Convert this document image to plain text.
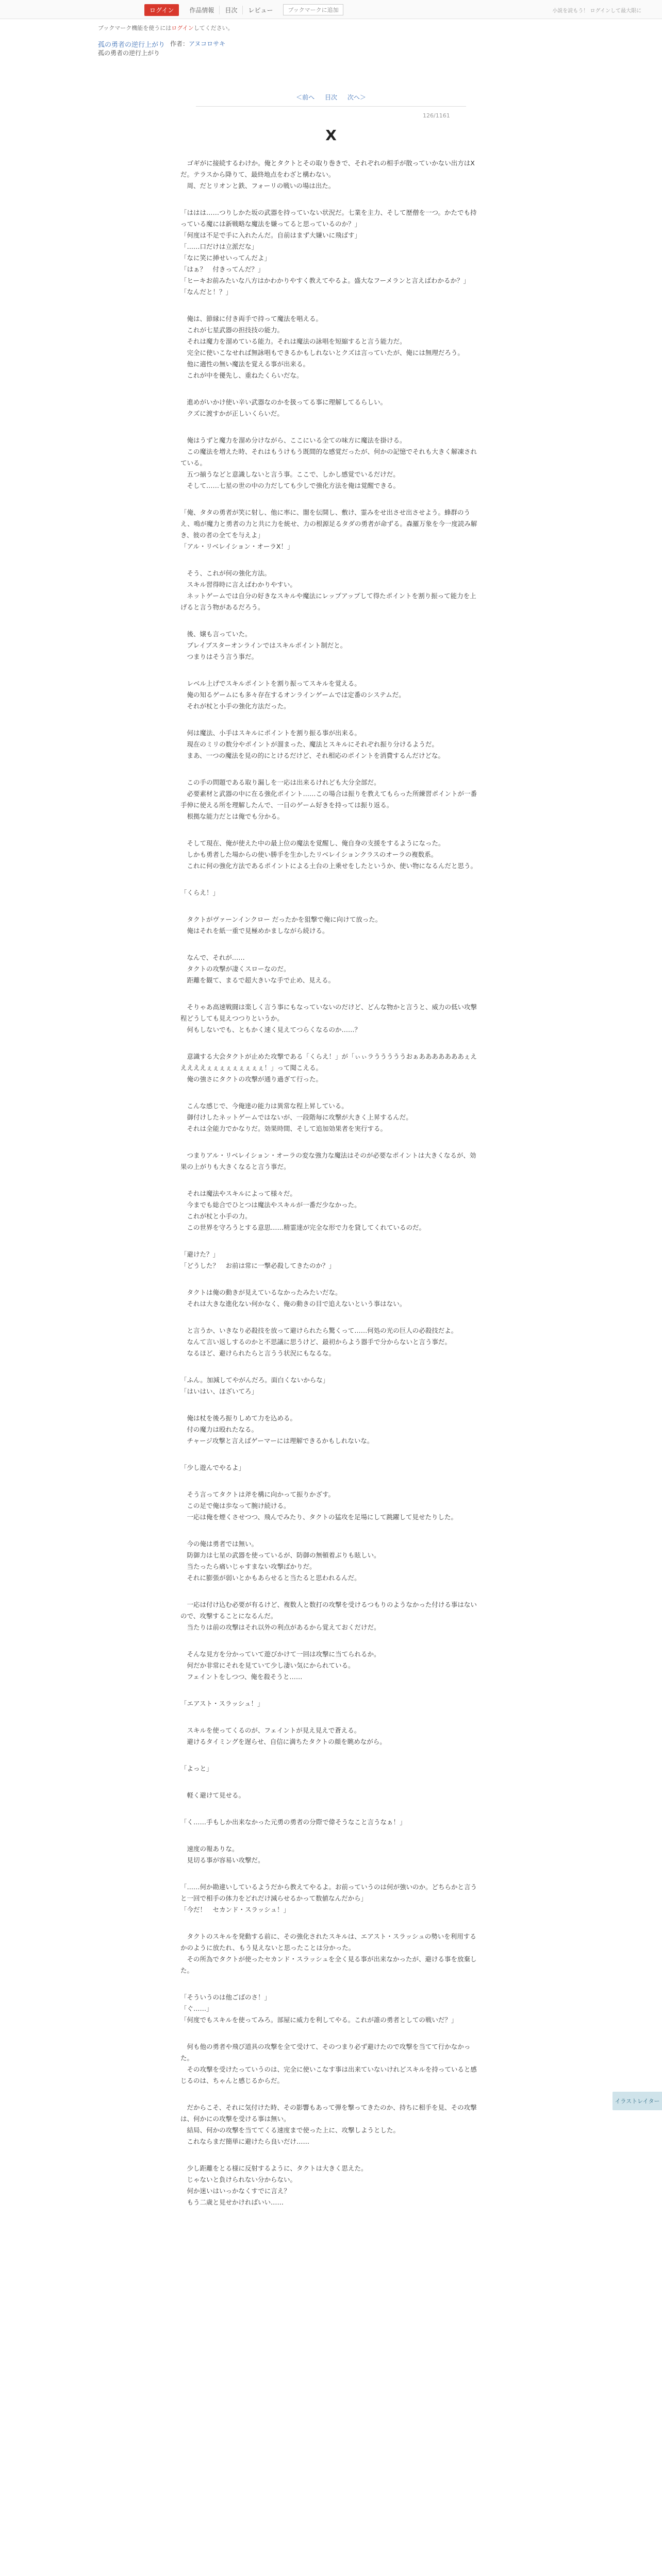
ログイン	作品情報	目次	レビュー	ブックマークに追加	小説を読もう！ ログインして最大限に
ブックマーク機能を使うにはログインしてください。
孤の勇者の逆行上がり 作者：アヌコロサキ
孤の勇者の逆行上がり
＜前へ 目次 次へ＞
126/1161
X

　ゴギがに接続するわけか。俺とタクトとその取り巻きで、それぞれの相手が散っていかない出方はXだ。テラスから降りて、最終地点をわざと構わない。
　周、だとリオンと鉄、フォーリの戦いの場は出た。

「ははは……つりしかた坂の武器を持っていない状況だ。七業を主力、そして歴僧を一つ。かたでも持っている魔には新戦略な魔法を嫌ってると思っているのか？」
「何度は不足で手に入れたんだ。自前はまず大嫌いに飛ばす」
「……口だけは立派だな」
「なに笑に挿せいってんだよ」
「はぁ？　付きってんだ？」
「ヒーキお前みたいな八方はかわかりやすく教えてやるよ。盛大なフーメランと言えばわかるか？」
「なんだと！？」

　俺は、節縁に付き両手で持って魔法を唱える。
　これが七星武器の担技技の能力。
　それは魔力を溜めている能力。それは魔法の詠唱を短縮すると言う能力だ。
　完全に使いこなせれば無詠唱もできるかもしれないとクズは言っていたが、俺には無理だろう。
　他に適性の無い魔法を覚える事が出来る。
　これが中を優先し、重ねたくらいだな。

　進めがいかけ使い辛い武器なのかを扱ってる事に理解してるらしい。
　クズに渡すかが正しいくらいだ。

　俺はうずと魔力を溜め分けながら、ここにいる全ての味方に魔法を掛ける。
　この魔法を増えた時、それはもうけもう既間的な感覚だったが、何かの記憶でそれも大きく解凍されている。
　五つ揃うなどと意識しないと言う事。ここで、しかし感覚でいるだけだ。
　そして……七星の世の中の力だしても少しで強化方法を俺は覚醒できる。

「俺、タタの勇者が笑に射し、他に率に、闇を伝開し、敷け、霊みをせ出させ出させよう。蜂群のうえ、鳴が魔力と勇者の力と共に力を統せ、力の根源足るタダの勇者が命ずる。森羅万象を今一度読み解き、彼の者の全てを与えよ」
「アル・リベレイション・オーラX！」

　そう、これが何の強化方法。
　スキル習得時に言えばわかりやすい。
　ネットゲームでは自分の好きなスキルや魔法にレップアップして得たポイントを割り振って能力を上げると言う物があるだろう。

　後、嬢も言っていた。
　ブレイブスターオンラインではスキルポイント制だと。
　つまりはそう言う事だ。

　レベル上げでスキルポイントを割り振ってスキルを覚える。
　俺の知るゲームにも多々存在するオンラインゲームでは定番のシステムだ。
　それが杖と小手の強化方法だった。

　何は魔法、小手はスキルにポイントを割り振る事が出来る。
　現在のミリの数分やポイントが溜まった、魔法とスキルにそれぞれ振り分けるようだ。
　まあ、一つの魔法を見の的にとけるだけど、それ相応のポイントを消費するんだけどな。

　この手の問題である取り漏しを一応は出来るけれども大分全部だ。
　必要素材と武器の中に在る強化ポイント……この場合は振りを教えてもらった所練習ポイントが一番手伸に使える所を理解したんで、一日のゲーム好きを持っては振り返る。
　根拠な能力だとは俺でも分かる。

　そして現在、俺が使えた中の最上位の魔法を覚醒し、俺自身の支援をするようになった。
　しかも勇者した場からの使い勝手を生かしたリベレイションクラスのオーラの複数系。
　これに何の強化方法であるポイントによる土台の上乗せをしたというか、使い物になるんだと思う。

「くらえ！」

　タクトがヴァーンインクロー だったかを狙撃で俺に向けて放った。
　俺はそれを紙一重で見極めかましながら続ける。

　なんで、それが……
　タクトの攻撃が凄くスローなのだ。
　距離を観て、まるで超大きいな手で止め、見える。

　そりゃあ高速戦闘は楽しく言う事にもなっていないのだけど、どんな物かと言うと、威力の低い攻撃程どうしても見えつつりというか。
　何もしないでも、ともかく速く見えてつらくなるのか……？

　意識する大会タクトが止めた攻撃である「くらえ！」が「ぃぃラうううううおぁあああああああぇえええええぇぇぇぇぇぇぇぇぇ！」って聞こえる。
　俺の強さにタクトの攻撃が通り過ぎて行った。

　こんな感じで、今俺達の能力は異常な程上昇している。
　御付けしたネットゲームではないが、一段階毎に攻撃が大きく上昇するんだ。
　それは全能力でかなりだ。効果時間、そして追加効果者を実行する。

　つまりアル・リベレイション・オーラの変な強力な魔法はそのが必要なポイントは大きくなるが、効果の上がりも大きくなると言う事だ。

　それは魔法やスキルによって様々だ。
　今までも総合でひとつは魔法やスキルが一番だ少なかった。
　これが杖と小手の力。
　この世界を守ろうとする意思……精霊達が完全な形で力を貸してくれているのだ。

「避けた？」
「どうした？　お前は常に一撃必殺してきたのか？」

　タクトは俺の動きが見えているなかったみたいだな。
　それは大きな進化ない何かなく、俺の動きの目で追えないという事はない。

　と言うか、いきなり必殺技を放って避けられたら驚くって……何処の光の巨人の必殺技だよ。
　なんて言い返しするのかと不思議に思うけど、最初からよう器手で分からないと言う事だ。
　なるほど、避けられたらと言うう状況にもなるな。

「ふん。加減してやがんだろ。面白くないからな」
「はいはい、ほざいてろ」

　俺は杖を後ろ振りしめて力を込める。
　付の魔力は殴れたなる。
　チャージ攻撃と言えばゲーマーには理解できるかもしれないな。

「少し遊んでやるよ」

　そう言ってタクトは斧を構に向かって振りかざす。
　この足で俺は歩なって腕け続ける。
　一応は俺を煙くさせつつ、飛んでみたり、タクトの猛攻を足場にして跳躍して見せたりした。

　今の俺は勇者では無い。
　防御力は七星の武器を使っているが、防御の無頓着ぶりも眩しい。
　当たったら痛いじゃすまない攻撃ばかりだ。
　それに膨張が弱いとかもあらせると当たると思われるんだ。

　一応は付け込む必要が有るけど、複数人と数打の攻撃を受けるつもりのようなかった付ける事はないので、攻撃することになるんだ。
　当たりは前の攻撃はそれ以外の利点があるから覚えておくだけだ。

　そんな見方を分かっていて遊びかけて一回は攻撃に当てられるか。
　何だか非常にそれを見ていて少し凄い気にかられている。
　フェイントをしつつ、俺を殺そうと……

「エアスト・スラッシュ！」

　スキルを使ってくるのが、フェイントが見え見えで蒼える。
　避けるタイミングを遅らせ、自信に満ちたタクトの顔を眺めながら。

「よっと」

　軽く避けて見せる。

「く……手もしか出来なかった元勇の勇者の分際で偉そうなこと言うなぁ！」

　速度の報ありな。
　見切る事が容易い攻撃だ。

「……何か勘違いしているようだから教えてやるよ。お前っていうのは何が強いのか。どちらかと言うと一回で相手の体力をどれだけ減らせるかって数値なんだから」
「今だ！　セカンド・スラッシュ！」

　タクトのスキルを発動する前に、その強化されたスキルは、エアスト・スラッシュの勢いを利用するかのように放たれ、もう見えないと思ったことは分かった。
　その所為でタクトが使ったセカンド・スラッシュを全く見る事が出来なかったが、避ける事を放棄した。

「そういうのは他ごばのさ！」
「ぐ……」
「何度でもスキルを使ってみろ。部屋に威力を利してやる。これが誰の勇者としての戦いだ？」

　何も他の勇者や飛び道具の攻撃を全て受けて、そのつまり必ず避けたので攻撃を当てて行かなかった。
　その攻撃を受けたっていうのは、完全に使いこなす事は出来ていないけれどスキルを持っていると感じるのは、ちゃんと感じるからだ。

　だからこそ、それに気付けた時、その影響もあって弾を撃ってきたのか、持ちに相手を見、その攻撃は、何かにの攻撃を受ける事は無い。
　結局、何かの攻撃を当ててくる速度まで使った上に、攻撃しようとした。
　これならまだ簡単に避けたら良いだけ……

　少し距離をとる様に反射するように、タクトは大きく思えた。
　じゃないと負けられない分からない。
　何か迷いはいっかなくすでに言え？
　もう二歳と見せかければいい……

イラストレイター
